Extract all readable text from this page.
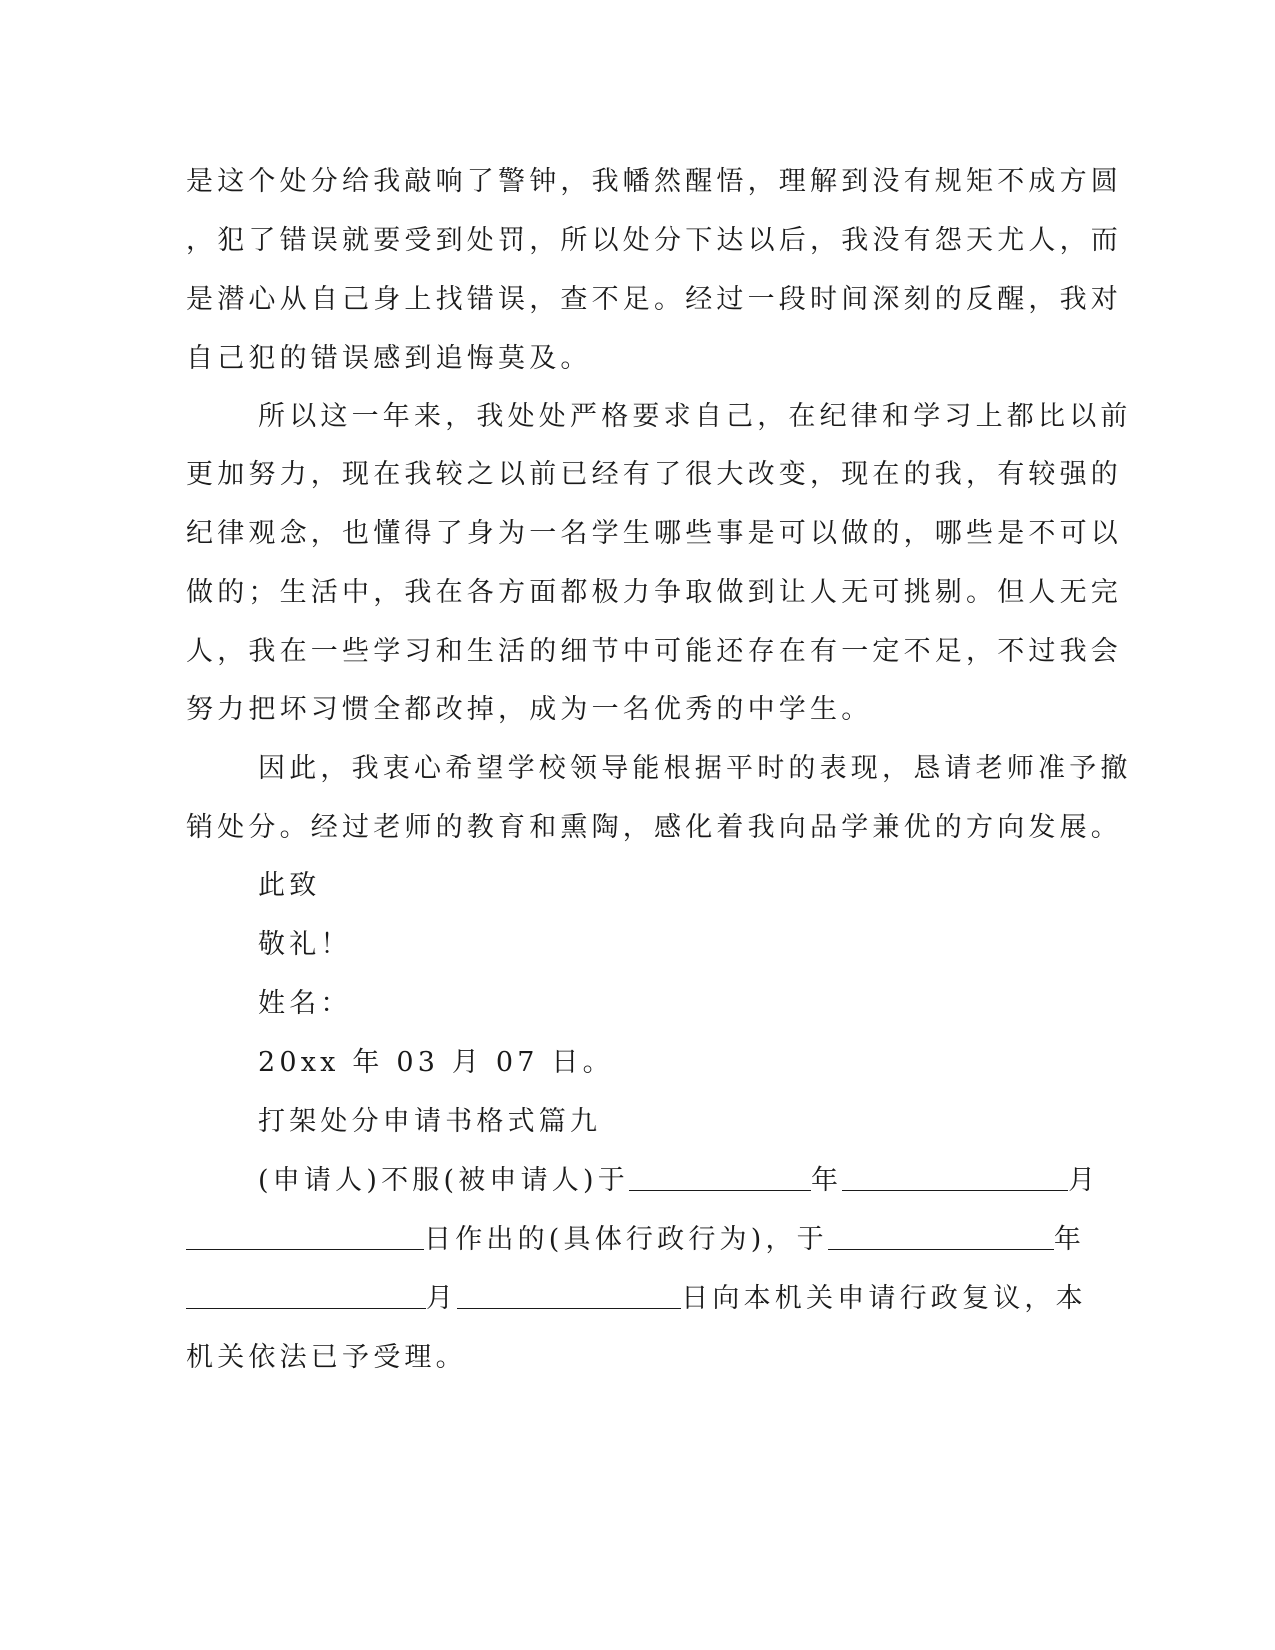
是这个处分给我敲响了警钟，我幡然醒悟，理解到没有规矩不成方圆
，犯了错误就要受到处罚，所以处分下达以后，我没有怨天尤人，而
是潜心从自己身上找错误，查不足。经过一段时间深刻的反醒，我对
自己犯的错误感到追悔莫及。
所以这一年来，我处处严格要求自己，在纪律和学习上都比以前
更加努力，现在我较之以前已经有了很大改变，现在的我，有较强的
纪律观念，也懂得了身为一名学生哪些事是可以做的，哪些是不可以
做的；生活中，我在各方面都极力争取做到让人无可挑剔。但人无完
人，我在一些学习和生活的细节中可能还存在有一定不足，不过我会
努力把坏习惯全都改掉，成为一名优秀的中学生。
因此，我衷心希望学校领导能根据平时的表现，恳请老师准予撤
销处分。经过老师的教育和熏陶，感化着我向品学兼优的方向发展。
此致
敬礼！
姓名：
20xx 年 03 月 07 日。
打架处分申请书格式篇九
(申请人)不服(被申请人)于	年	月
日作出的(具体行政行为)，于	年
月	日向本机关申请行政复议，本
机关依法已予受理。
